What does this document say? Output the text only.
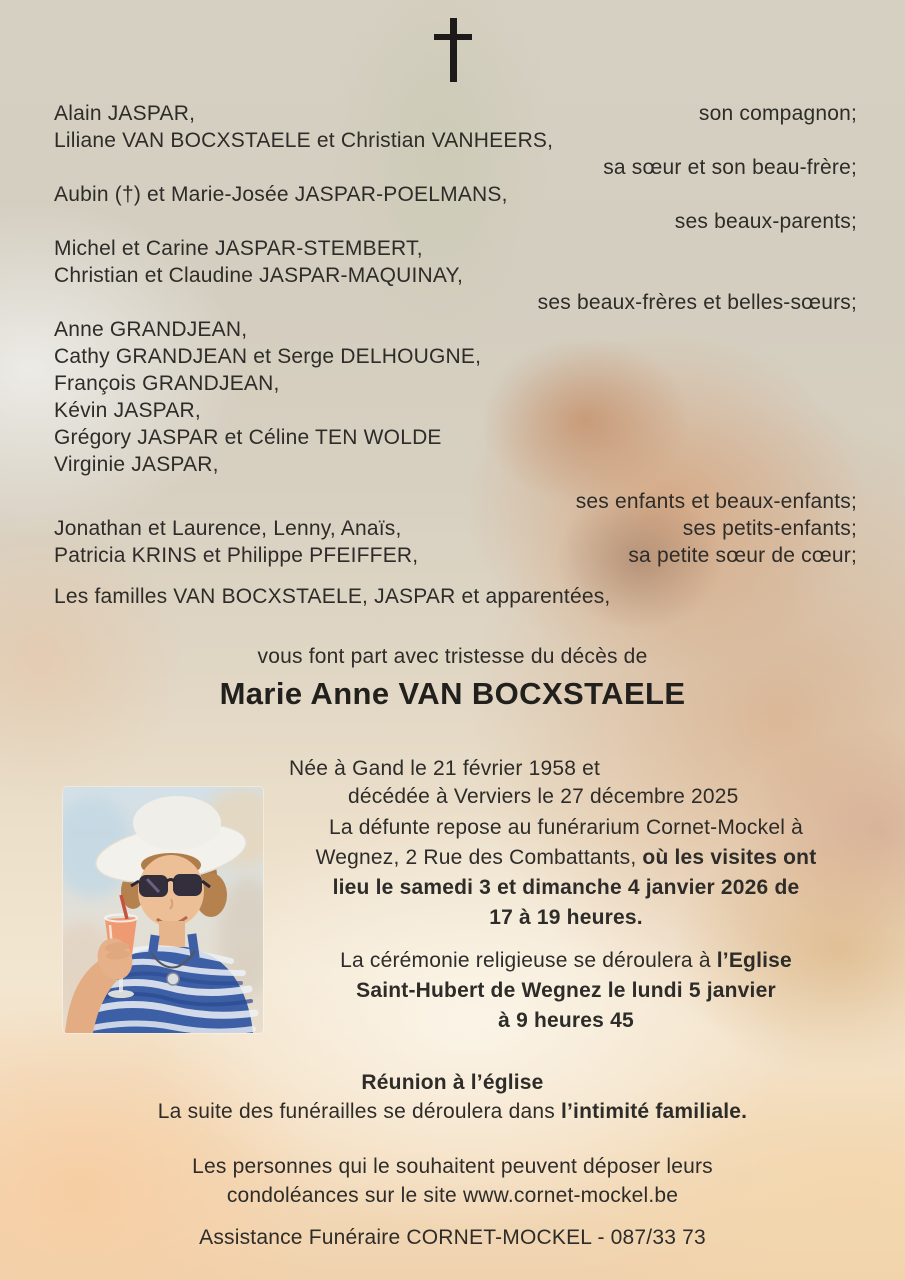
Alain JASPAR,	son compagnon;
Liliane VAN BOCXSTAELE et Christian VANHEERS,
sa sœur et son beau-frère;
Aubin (†) et Marie-Josée JASPAR-POELMANS,
ses beaux-parents;
Michel et Carine JASPAR-STEMBERT,
Christian et Claudine JASPAR-MAQUINAY,
ses beaux-frères et belles-sœurs;
Anne GRANDJEAN,
Cathy GRANDJEAN et Serge DELHOUGNE,
François GRANDJEAN,
Kévin JASPAR,
Grégory JASPAR et Céline TEN WOLDE
Virginie JASPAR,
ses enfants et beaux-enfants;
Jonathan et Laurence, Lenny, Anaïs,	ses petits-enfants;
Patricia KRINS et Philippe PFEIFFER,	sa petite sœur de cœur;
Les familles VAN BOCXSTAELE, JASPAR et apparentées,
vous font part avec tristesse du décès de
Marie Anne VAN BOCXSTAELE
Née à Gand le 21 février 1958 et
décédée à Verviers le 27 décembre 2025
La défunte repose au funérarium Cornet-Mockel à
Wegnez, 2 Rue des Combattants, où les visites ont
lieu le samedi 3 et dimanche 4 janvier 2026 de
17 à 19 heures.
La cérémonie religieuse se déroulera à l’Eglise
Saint-Hubert de Wegnez le lundi 5 janvier
à 9 heures 45
Réunion à l’église
La suite des funérailles se déroulera dans l’intimité familiale.
Les personnes qui le souhaitent peuvent déposer leurs
condoléances sur le site www.cornet-mockel.be
Assistance Funéraire CORNET-MOCKEL - 087/33 73
